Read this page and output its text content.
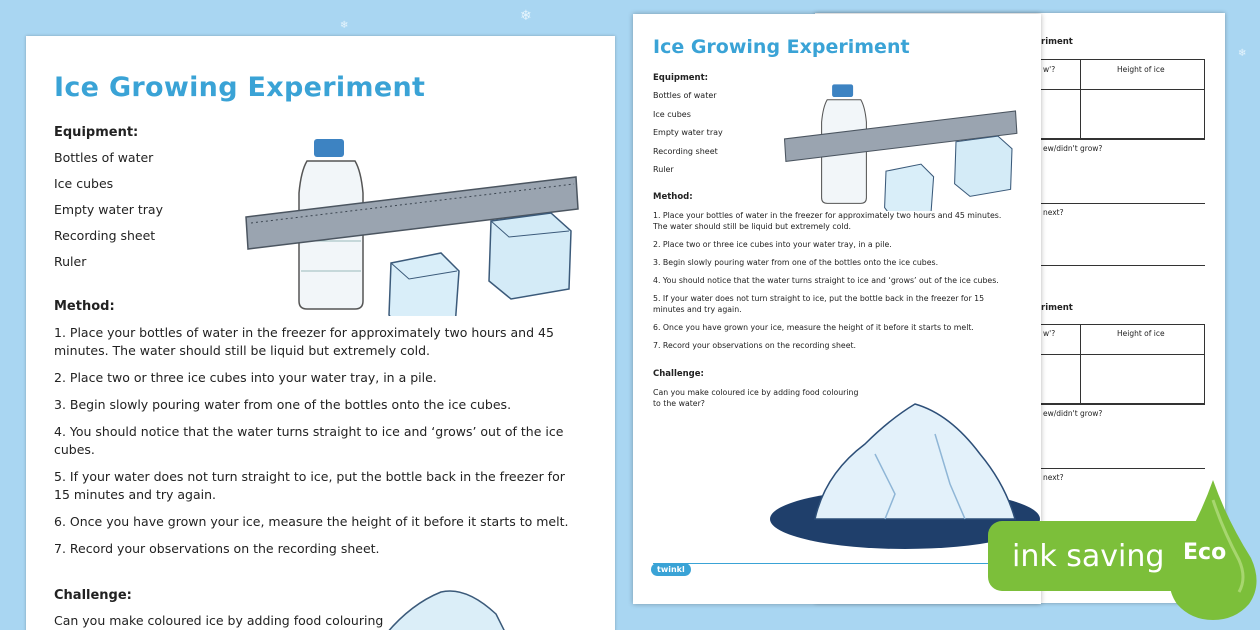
❄
❄
❄
Ice Growing Experiment
Equipment:
Bottles of water
Ice cubes
Empty water tray
Recording sheet
Ruler
Method:
1. Place your bottles of water in the freezer for approximately two hours and 45 minutes. The water should still be liquid but extremely cold.
2. Place two or three ice cubes into your water tray, in a pile.
3. Begin slowly pouring water from one of the bottles onto the ice cubes.
4. You should notice that the water turns straight to ice and ‘grows’ out of the ice cubes.
5. If your water does not turn straight to ice, put the bottle back in the freezer for 15 minutes and try again.
6. Once you have grown your ice, measure the height of it before it starts to melt.
7. Record your observations on the recording sheet.
Challenge:
Can you make coloured ice by adding food colouring
riment
w'?	Height of ice
ew/didn't grow?
next?
riment
w'?	Height of ice
ew/didn't grow?
next?
Ice Growing Experiment
Equipment:
Bottles of water
Ice cubes
Empty water tray
Recording sheet
Ruler
Method:
1. Place your bottles of water in the freezer for approximately two hours and 45 minutes. The water should still be liquid but extremely cold.
2. Place two or three ice cubes into your water tray, in a pile.
3. Begin slowly pouring water from one of the bottles onto the ice cubes.
4. You should notice that the water turns straight to ice and ‘grows’ out of the ice cubes.
5. If your water does not turn straight to ice, put the bottle back in the freezer for 15 minutes and try again.
6. Once you have grown your ice, measure the height of it before it starts to melt.
7. Record your observations on the recording sheet.
Challenge:
Can you make coloured ice by adding food colouring to the water?
twinkl	ink saving Eco
